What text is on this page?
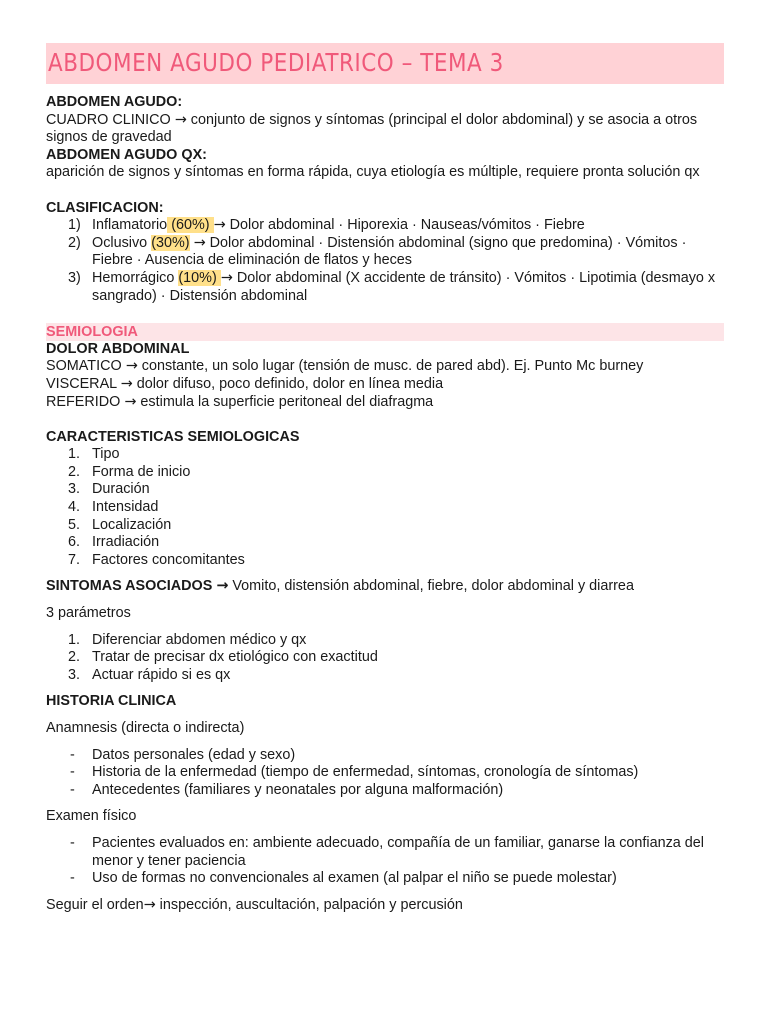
ABDOMEN AGUDO PEDIATRICO – TEMA 3

ABDOMEN AGUDO:

CUADRO CLINICO → conjunto de signos y síntomas (principal el dolor abdominal) y se asocia a otros signos de gravedad

ABDOMEN AGUDO QX:

aparición de signos y síntomas en forma rápida, cuya etiología es múltiple, requiere pronta solución qx

CLASIFICACION:

1) Inflamatorio (60%) → Dolor abdominal · Hiporexia · Nauseas/vómitos · Fiebre
2) Oclusivo (30%) → Dolor abdominal · Distensión abdominal (signo que predomina) · Vómitos · Fiebre · Ausencia de eliminación de flatos y heces
3) Hemorrágico (10%) → Dolor abdominal (X accidente de tránsito) · Vómitos · Lipotimia (desmayo x sangrado) · Distensión abdominal
SEMIOLOGIA

DOLOR ABDOMINAL

SOMATICO → constante, un solo lugar (tensión de musc. de pared abd). Ej. Punto Mc burney

VISCERAL → dolor difuso, poco definido, dolor en línea media

REFERIDO → estimula la superficie peritoneal del diafragma

CARACTERISTICAS SEMIOLOGICAS

1. Tipo
2. Forma de inicio
3. Duración
4. Intensidad
5. Localización
6. Irradiación
7. Factores concomitantes

SINTOMAS ASOCIADOS → Vomito, distensión abdominal, fiebre, dolor abdominal y diarrea

3 parámetros

1. Diferenciar abdomen médico y qx
2. Tratar de precisar dx etiológico con exactitud
3. Actuar rápido si es qx

HISTORIA CLINICA

Anamnesis (directa o indirecta)

- Datos personales (edad y sexo)
- Historia de la enfermedad (tiempo de enfermedad, síntomas, cronología de síntomas)
- Antecedentes (familiares y neonatales por alguna malformación)

Examen físico

- Pacientes evaluados en: ambiente adecuado, compañía de un familiar, ganarse la confianza del menor y tener paciencia
- Uso de formas no convencionales al examen (al palpar el niño se puede molestar)

Seguir el orden→ inspección, auscultación, palpación y percusión
